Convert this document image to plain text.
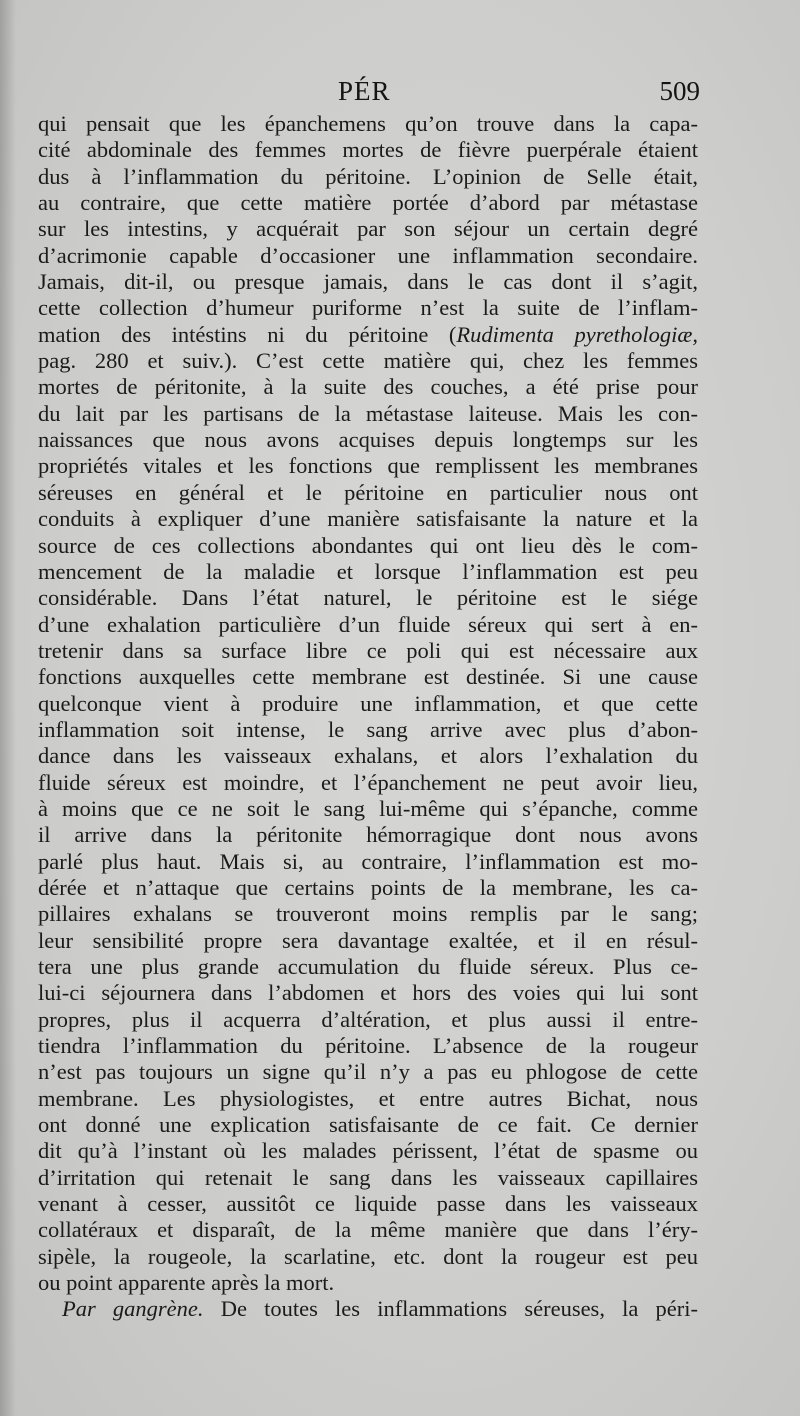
PÉR	509
qui pensait que les épanchemens qu’on trouve dans la capa-
cité abdominale des femmes mortes de fièvre puerpérale étaient
dus à l’inflammation du péritoine. L’opinion de Selle était,
au contraire, que cette matière portée d’abord par métastase
sur les intestins, y acquérait par son séjour un certain degré
d’acrimonie capable d’occasioner une inflammation secondaire.
Jamais, dit-il, ou presque jamais, dans le cas dont il s’agit,
cette collection d’humeur puriforme n’est la suite de l’inflam-
mation des intéstins ni du péritoine (Rudimenta pyrethologiæ,
pag. 280 et suiv.). C’est cette matière qui, chez les femmes
mortes de péritonite, à la suite des couches, a été prise pour
du lait par les partisans de la métastase laiteuse. Mais les con-
naissances que nous avons acquises depuis longtemps sur les
propriétés vitales et les fonctions que remplissent les membranes
séreuses en général et le péritoine en particulier nous ont
conduits à expliquer d’une manière satisfaisante la nature et la
source de ces collections abondantes qui ont lieu dès le com-
mencement de la maladie et lorsque l’inflammation est peu
considérable. Dans l’état naturel, le péritoine est le siége
d’une exhalation particulière d’un fluide séreux qui sert à en-
tretenir dans sa surface libre ce poli qui est nécessaire aux
fonctions auxquelles cette membrane est destinée. Si une cause
quelconque vient à produire une inflammation, et que cette
inflammation soit intense, le sang arrive avec plus d’abon-
dance dans les vaisseaux exhalans, et alors l’exhalation du
fluide séreux est moindre, et l’épanchement ne peut avoir lieu,
à moins que ce ne soit le sang lui-même qui s’épanche, comme
il arrive dans la péritonite hémorragique dont nous avons
parlé plus haut. Mais si, au contraire, l’inflammation est mo-
dérée et n’attaque que certains points de la membrane, les ca-
pillaires exhalans se trouveront moins remplis par le sang;
leur sensibilité propre sera davantage exaltée, et il en résul-
tera une plus grande accumulation du fluide séreux. Plus ce-
lui-ci séjournera dans l’abdomen et hors des voies qui lui sont
propres, plus il acquerra d’altération, et plus aussi il entre-
tiendra l’inflammation du péritoine. L’absence de la rougeur
n’est pas toujours un signe qu’il n’y a pas eu phlogose de cette
membrane. Les physiologistes, et entre autres Bichat, nous
ont donné une explication satisfaisante de ce fait. Ce dernier
dit qu’à l’instant où les malades périssent, l’état de spasme ou
d’irritation qui retenait le sang dans les vaisseaux capillaires
venant à cesser, aussitôt ce liquide passe dans les vaisseaux
collatéraux et disparaît, de la même manière que dans l’éry-
sipèle, la rougeole, la scarlatine, etc. dont la rougeur est peu
ou point apparente après la mort.
Par gangrène. De toutes les inflammations séreuses, la péri-
